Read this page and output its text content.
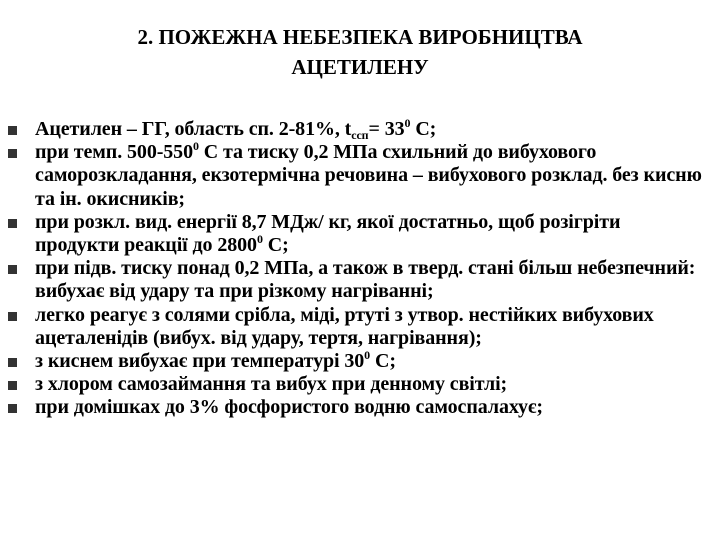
2. ПОЖЕЖНА НЕБЕЗПЕКА ВИРОБНИЦТВА
АЦЕТИЛЕНУ
Ацетилен – ГГ, область сп. 2-81%, $t_{ссп}= 33^0$ С;
при темп. $500-550^0$ С та тиску 0,2 МПа схильний до вибухового саморозкладання, екзотермічна речовина – вибухового розклад. без кисню та ін. окисників;
при розкл. вид. енергії 8,7 МДж/ кг, якої достатньо, щоб розігріти продукти реакції до 2800$^0$ С;
при підв. тиску понад 0,2 МПа, а також в тверд. стані більш небезпечний: вибухає від удару та при різкому нагріванні;
легко реагує з солями срібла, міді, ртуті з утвор. нестійких вибухових ацеталенідів (вибух. від удару, тертя, нагрівання);
з киснем вибухає при температурі $30^0$ С;
з хлором самозаймання та вибух при денному світлі;
при домішках до 3% фосфористого водню самоспалахує;
